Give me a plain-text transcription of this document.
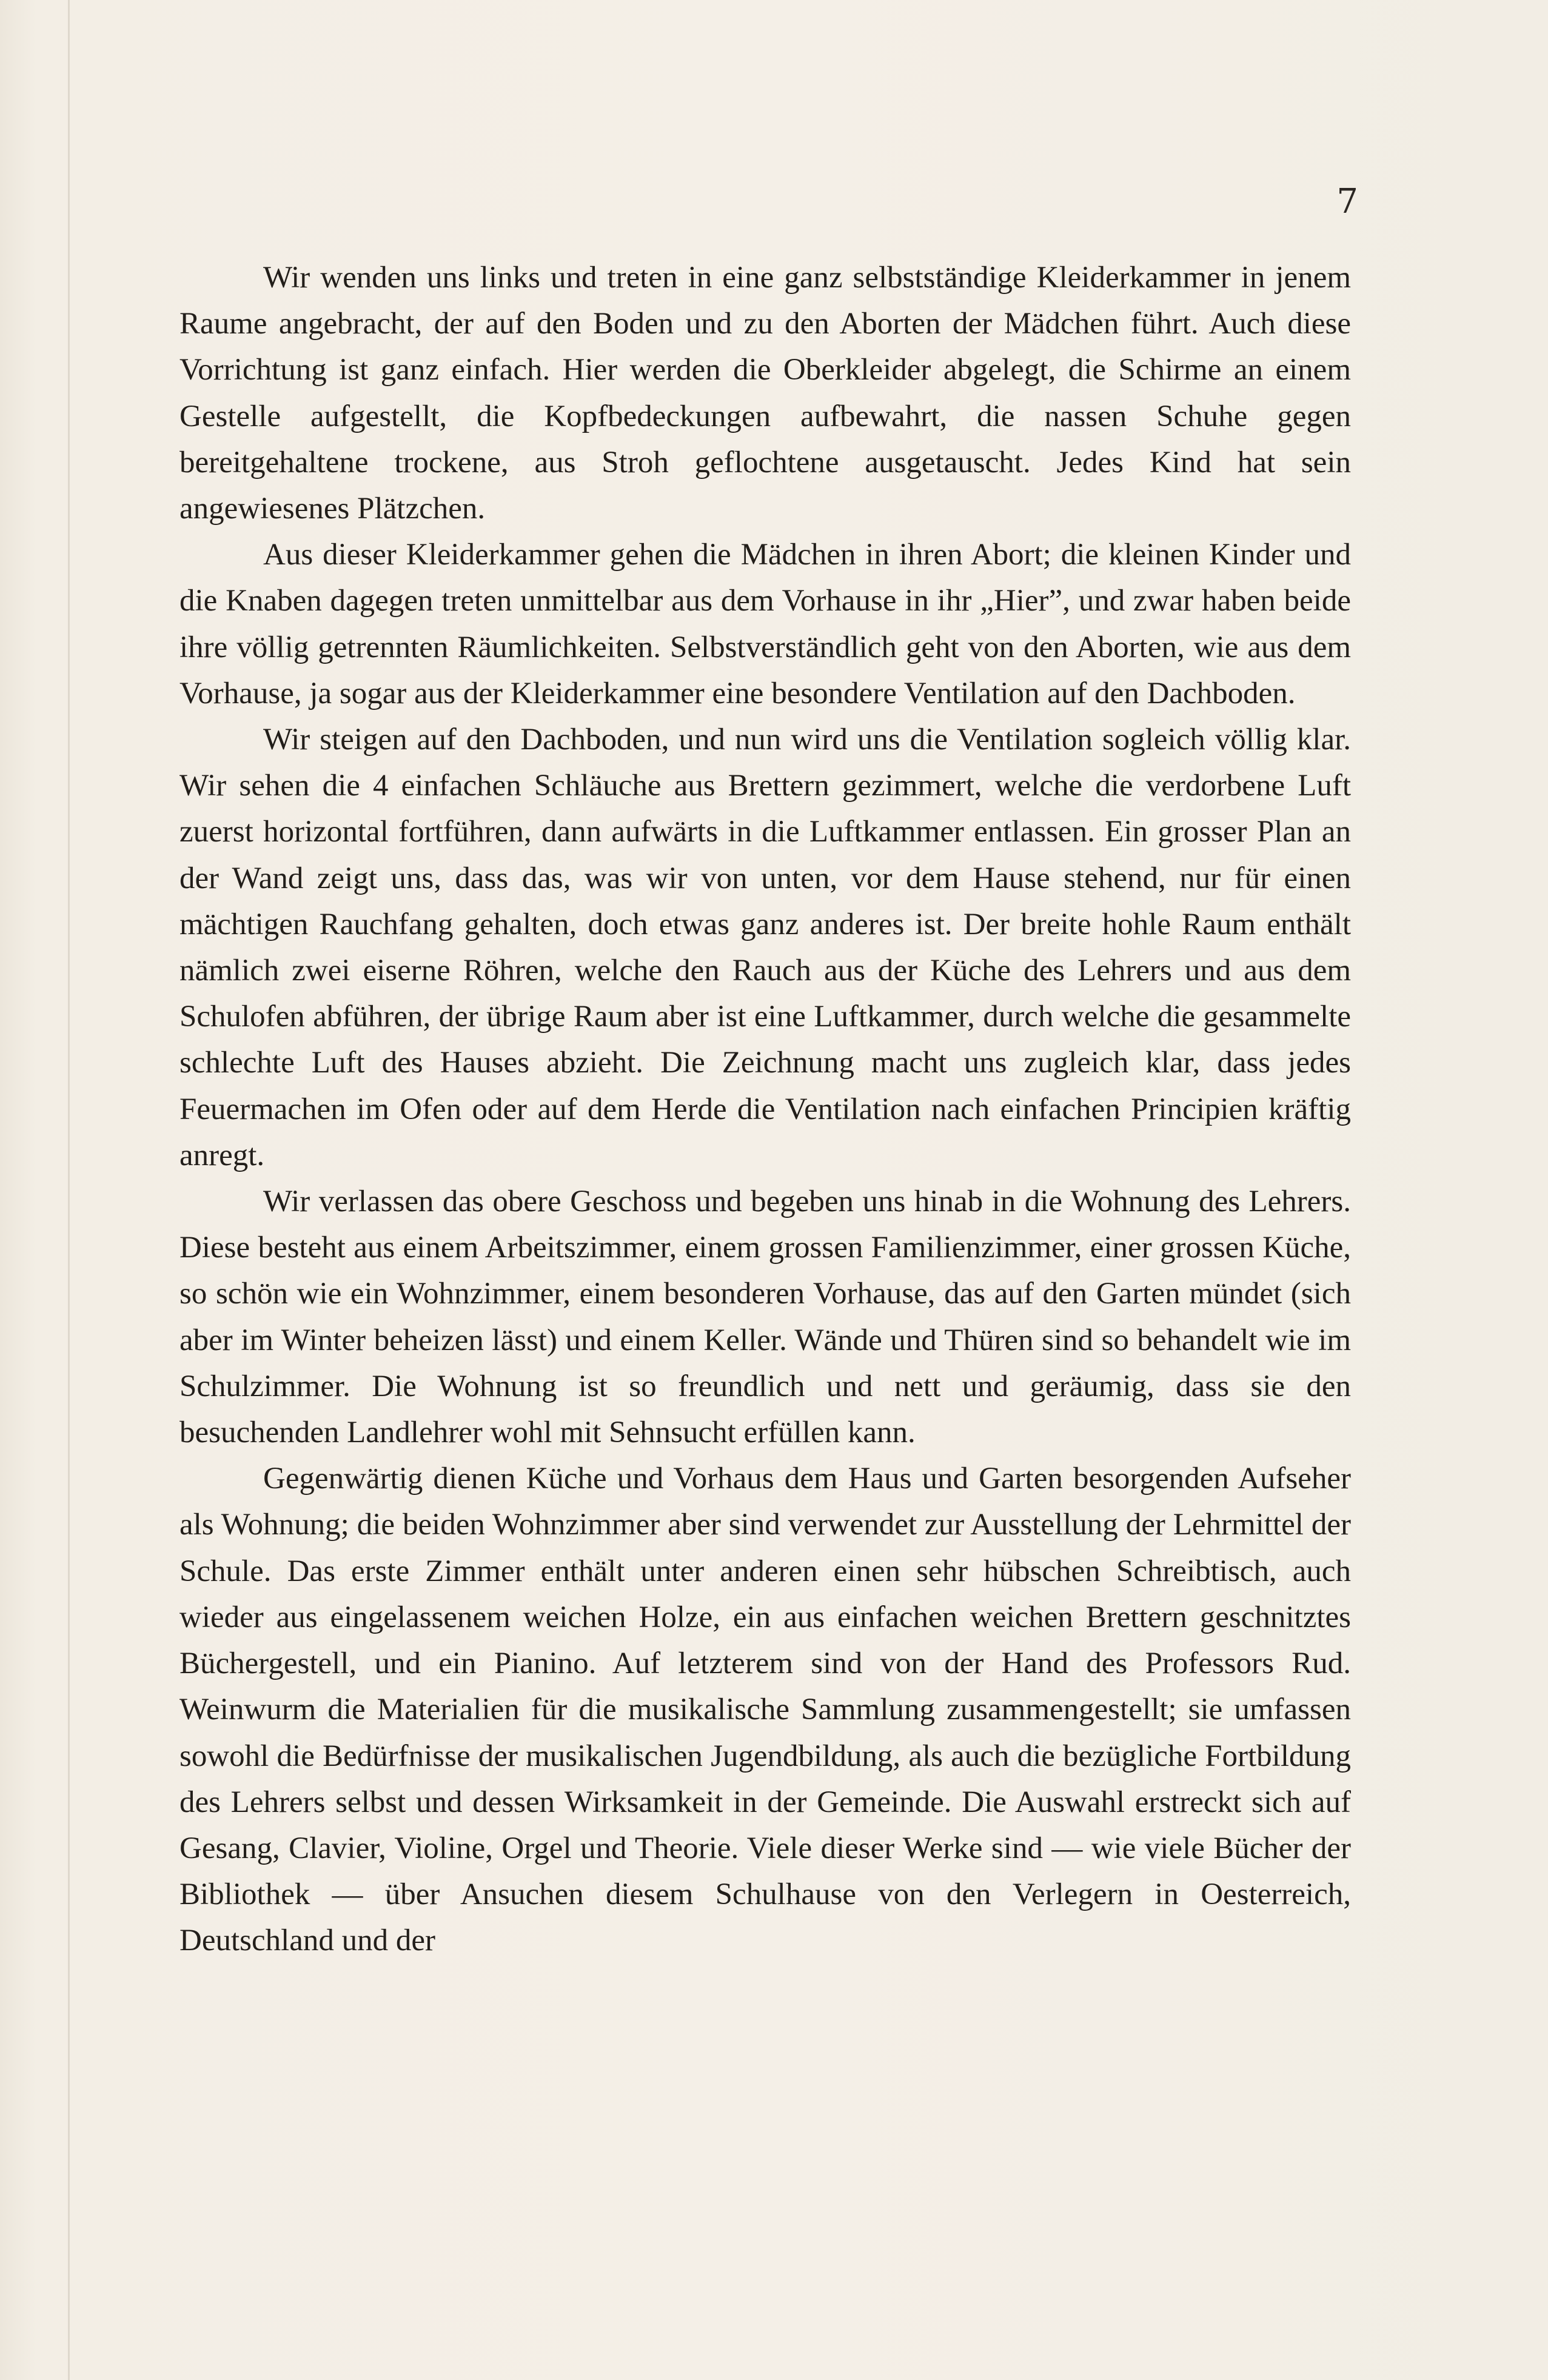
7

Wir wenden uns links und treten in eine ganz selbstständige Kleiderkammer in jenem Raume angebracht, der auf den Boden und zu den Aborten der Mädchen führt. Auch diese Vorrichtung ist ganz einfach. Hier werden die Oberkleider abgelegt, die Schirme an einem Gestelle aufgestellt, die Kopfbedeckungen aufbewahrt, die nassen Schuhe gegen bereitgehaltene trockene, aus Stroh geflochtene ausgetauscht. Jedes Kind hat sein angewiesenes Plätzchen.

Aus dieser Kleiderkammer gehen die Mädchen in ihren Abort; die kleinen Kinder und die Knaben dagegen treten unmittelbar aus dem Vorhause in ihr „Hier”, und zwar haben beide ihre völlig getrennten Räumlichkeiten. Selbstverständlich geht von den Aborten, wie aus dem Vorhause, ja sogar aus der Kleiderkammer eine besondere Ventilation auf den Dachboden.

Wir steigen auf den Dachboden, und nun wird uns die Ventilation sogleich völlig klar. Wir sehen die 4 einfachen Schläuche aus Brettern gezimmert, welche die verdorbene Luft zuerst horizontal fortführen, dann aufwärts in die Luftkammer entlassen. Ein grosser Plan an der Wand zeigt uns, dass das, was wir von unten, vor dem Hause stehend, nur für einen mächtigen Rauchfang gehalten, doch etwas ganz anderes ist. Der breite hohle Raum enthält nämlich zwei eiserne Röhren, welche den Rauch aus der Küche des Lehrers und aus dem Schulofen abführen, der übrige Raum aber ist eine Luftkammer, durch welche die gesammelte schlechte Luft des Hauses abzieht. Die Zeichnung macht uns zugleich klar, dass jedes Feuermachen im Ofen oder auf dem Herde die Ventilation nach einfachen Principien kräftig anregt.

Wir verlassen das obere Geschoss und begeben uns hinab in die Wohnung des Lehrers. Diese besteht aus einem Arbeitszimmer, einem grossen Familienzimmer, einer grossen Küche, so schön wie ein Wohnzimmer, einem besonderen Vorhause, das auf den Garten mündet (sich aber im Winter beheizen lässt) und einem Keller. Wände und Thüren sind so behandelt wie im Schulzimmer. Die Wohnung ist so freundlich und nett und geräumig, dass sie den besuchenden Landlehrer wohl mit Sehnsucht erfüllen kann.

Gegenwärtig dienen Küche und Vorhaus dem Haus und Garten besorgenden Aufseher als Wohnung; die beiden Wohnzimmer aber sind verwendet zur Ausstellung der Lehrmittel der Schule. Das erste Zimmer enthält unter anderen einen sehr hübschen Schreibtisch, auch wieder aus eingelassenem weichen Holze, ein aus einfachen weichen Brettern geschnitztes Büchergestell, und ein Pianino. Auf letzterem sind von der Hand des Professors Rud. Weinwurm die Materialien für die musikalische Sammlung zusammengestellt; sie umfassen sowohl die Bedürfnisse der musikalischen Jugendbildung, als auch die bezügliche Fortbildung des Lehrers selbst und dessen Wirksamkeit in der Gemeinde. Die Auswahl erstreckt sich auf Gesang, Clavier, Violine, Orgel und Theorie. Viele dieser Werke sind — wie viele Bücher der Bibliothek — über Ansuchen diesem Schulhause von den Verlegern in Oesterreich, Deutschland und der
